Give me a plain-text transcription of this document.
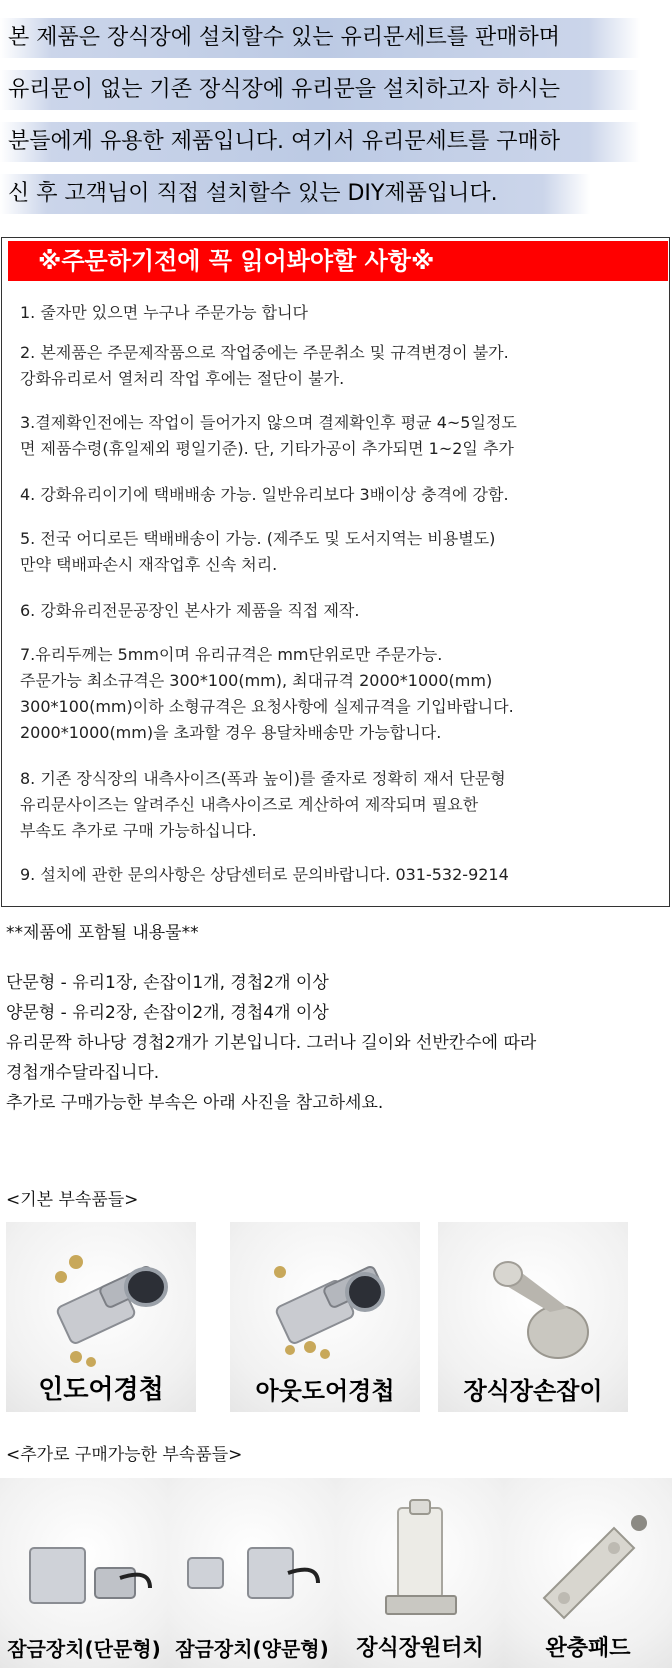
본 제품은 장식장에 설치할수 있는 유리문세트를 판매하며
유리문이 없는 기존 장식장에 유리문을 설치하고자 하시는
분들에게 유용한 제품입니다. 여기서 유리문세트를 구매하
신 후 고객님이 직접 설치할수 있는 DIY제품입니다.
※주문하기전에 꼭 읽어봐야할 사항※
1. 줄자만 있으면 누구나 주문가능 합니다
2. 본제품은 주문제작품으로 작업중에는 주문취소 및 규격변경이 불가.
강화유리로서 열처리 작업 후에는 절단이 불가.
3.결제확인전에는 작업이 들어가지 않으며 결제확인후 평균 4~5일정도
면 제품수령(휴일제외 평일기준). 단, 기타가공이 추가되면 1~2일 추가
4. 강화유리이기에 택배배송 가능. 일반유리보다 3배이상 충격에 강함.
5. 전국 어디로든 택배배송이 가능. (제주도 및 도서지역는 비용별도)
만약 택배파손시 재작업후 신속 처리.
6. 강화유리전문공장인 본사가 제품을 직접 제작.
7.유리두께는 5mm이며 유리규격은 mm단위로만 주문가능.
주문가능 최소규격은 300*100(mm), 최대규격 2000*1000(mm)
300*100(mm)이하 소형규격은 요청사항에 실제규격을 기입바랍니다.
2000*1000(mm)을 초과할 경우 용달차배송만 가능합니다.
8. 기존 장식장의 내측사이즈(폭과 높이)를 줄자로 정확히 재서 단문형
유리문사이즈는 알려주신 내측사이즈로 계산하여 제작되며 필요한
부속도 추가로 구매 가능하십니다.
9. 설치에 관한 문의사항은 상담센터로 문의바랍니다. 031-532-9214
**제품에 포함될 내용물**
단문형 - 유리1장, 손잡이1개, 경첩2개 이상
양문형 - 유리2장, 손잡이2개, 경첩4개 이상
유리문짝 하나당 경첩2개가 기본입니다. 그러나 길이와 선반칸수에 따라
경첩개수달라집니다.
추가로 구매가능한 부속은 아래 사진을 참고하세요.
<기본 부속품들>
인도어경첩	아웃도어경첩	장식장손잡이
<추가로 구매가능한 부속품들>
잠금장치(단문형) 잠금장치(양문형)	장식장원터치	완충패드
